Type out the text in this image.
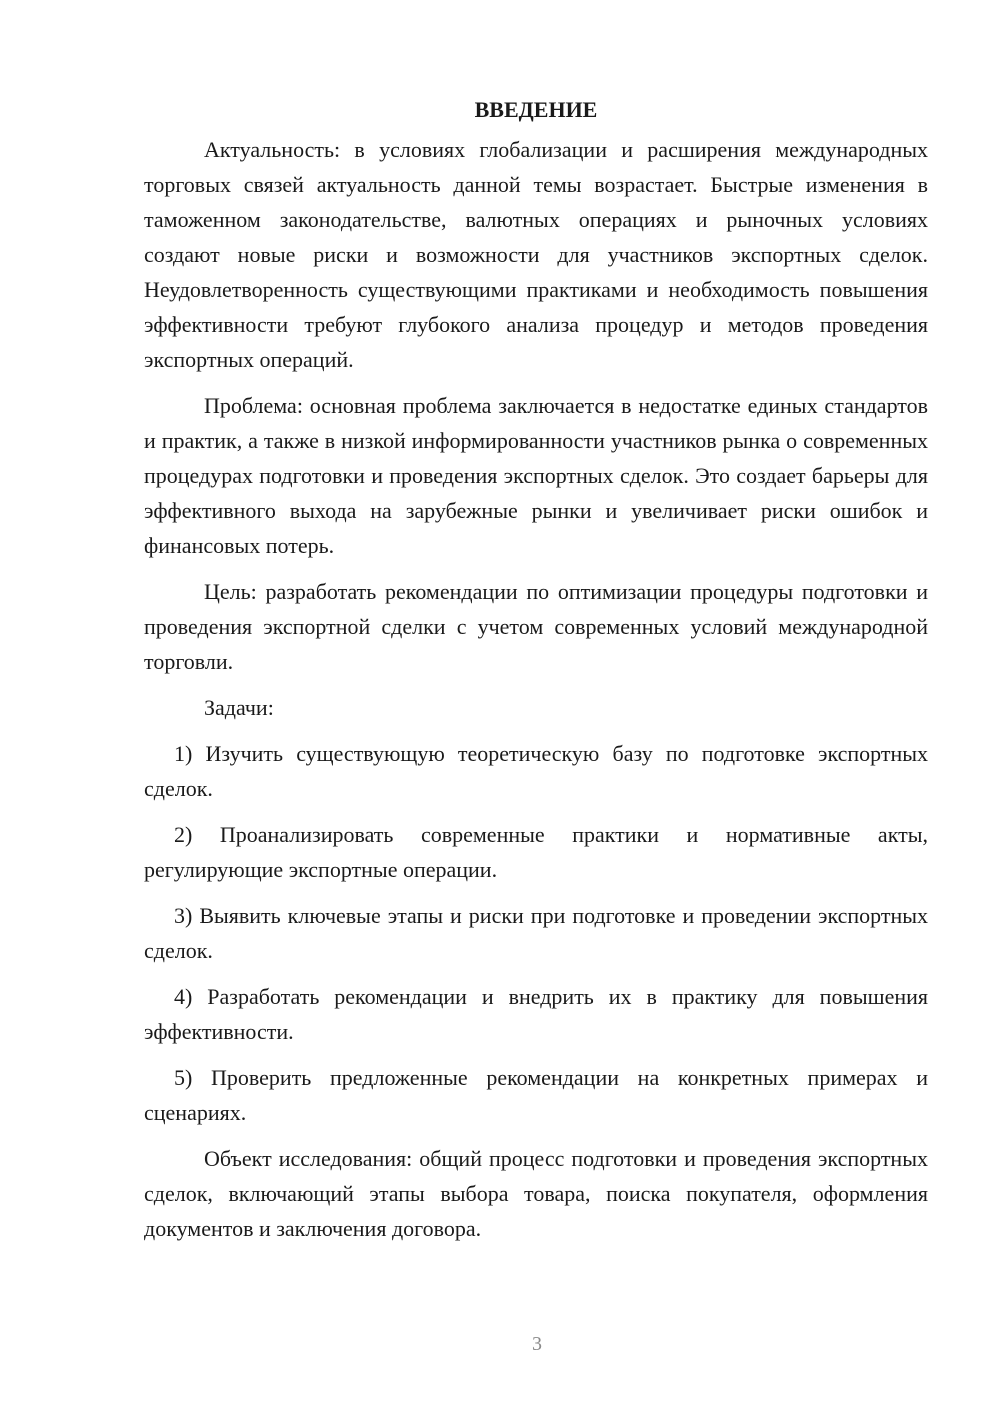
ВВЕДЕНИЕ

Актуальность: в условиях глобализации и расширения международных торговых связей актуальность данной темы возрастает. Быстрые изменения в таможенном законодательстве, валютных операциях и рыночных условиях создают новые риски и возможности для участников экспортных сделок. Неудовлетворенность существующими практиками и необходимость повышения эффективности требуют глубокого анализа процедур и методов проведения экспортных операций.

Проблема: основная проблема заключается в недостатке единых стандартов и практик, а также в низкой информированности участников рынка о современных процедурах подготовки и проведения экспортных сделок. Это создает барьеры для эффективного выхода на зарубежные рынки и увеличивает риски ошибок и финансовых потерь.

Цель: разработать рекомендации по оптимизации процедуры подготовки и проведения экспортной сделки с учетом современных условий международной торговли.

Задачи:

1) Изучить существующую теоретическую базу по подготовке экспортных сделок.

2) Проанализировать современные практики и нормативные акты, регулирующие экспортные операции.

3) Выявить ключевые этапы и риски при подготовке и проведении экспортных сделок.

4) Разработать рекомендации и внедрить их в практику для повышения эффективности.

5) Проверить предложенные рекомендации на конкретных примерах и сценариях.

Объект исследования: общий процесс подготовки и проведения экспортных сделок, включающий этапы выбора товара, поиска покупателя, оформления документов и заключения договора.

3
